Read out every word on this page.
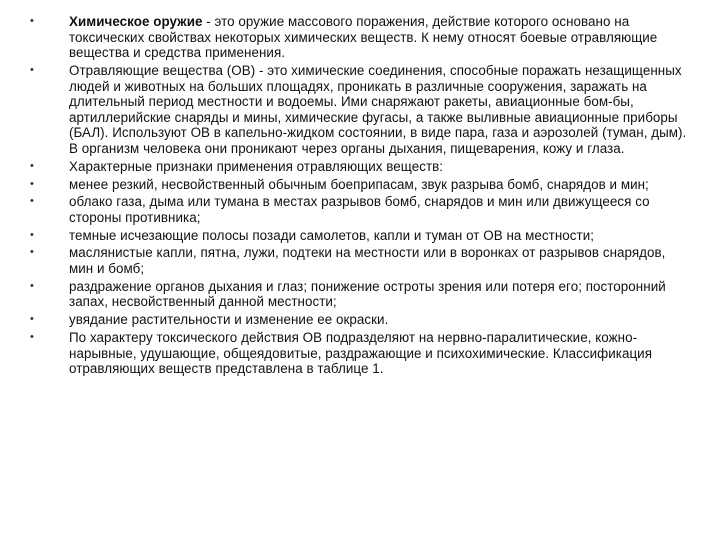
•	Химическое оружие - это оружие массового поражения, действие которого основано на токсических свойствах некоторых химических веществ. К нему относят боевые отравляющие вещества и средства применения.
•	Отравляющие вещества (ОВ) - это химические соединения, способные поражать незащищенных людей и животных на больших площадях, проникать в различные сооружения, заражать на длительный период местности и водоемы. Ими снаряжают ракеты, авиационные бом-бы, артиллерийские снаряды и мины, химические фугасы, а также выливные авиационные приборы (БАЛ). Используют ОВ в капельно-жидком состоянии, в виде пара, газа и аэрозолей (туман, дым). В организм человека они проникают через органы дыхания, пищеварения, кожу и глаза.
•	Характерные признаки применения отравляющих веществ:
•	менее резкий, несвойственный обычным боеприпасам, звук разрыва бомб, снарядов и мин;
•	облако газа, дыма или тумана в местах разрывов бомб, снарядов и мин или движущееся со стороны противника;
•	темные исчезающие полосы позади самолетов, капли и туман от ОВ на местности;
•	маслянистые капли, пятна, лужи, подтеки на местности или в воронках от разрывов снарядов, мин и бомб;
•	раздражение органов дыхания и глаз; понижение остроты зрения или потеря его; посторонний запах, несвойственный данной местности;
•	увядание растительности и изменение ее окраски.
•	По характеру токсического действия ОВ подразделяют на нервно-паралитические, кожно-нарывные, удушающие, общеядовитые, раздражающие и психохимические. Классификация отравляющих веществ представлена в таблице 1.
